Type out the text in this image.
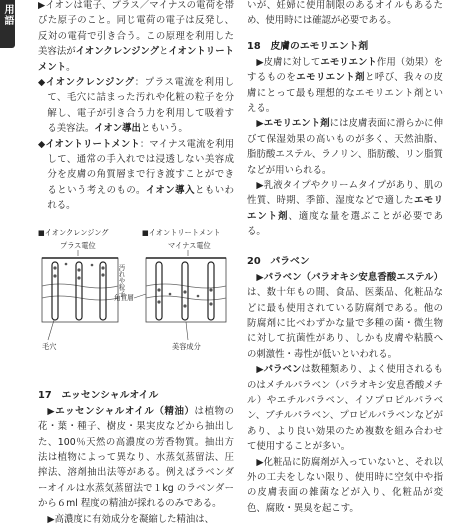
用語	▶イオンは電子、プラス／マイナスの電荷を帯びた原子のこと。同じ電荷の電子は反発し、反対の電荷で引き合う。この原理を利用した美容法がイオンクレンジングとイオントリートメント。

◆イオンクレンジング：プラス電流を利用して、毛穴に詰まった汚れや化粧の粒子を分解し、電子が引き合う力を利用して吸着する美容法。イオン導出ともいう。

◆イオントリートメント：マイナス電流を利用して、通常の手入れでは浸透しない美容成分を皮膚の角質層まで行き渡すことができるという考えのもの。イオン導入ともいわれる。

■イオンクレンジング	■イオントリートメント
プラス電位	マイナス電位
汚れや粒子
角質層
毛穴	美容成分
17　 エッセンシャルオイル

▶エッセンシャルオイル（精油）は植物の花・葉・種子、樹皮・果実皮などから抽出した、100％天然の高濃度の芳香物質。抽出方法は植物によって異なり、水蒸気蒸留法、圧搾法、溶剤抽出法等がある。例えばラベンダーオイルは水蒸気蒸留法で１kg のラベンダーから６ml 程度の精油が採れるのみである。

▶高濃度に有効成分を凝縮した精油は、

いが、妊婦に使用制限のあるオイルもあるため、使用時には確認が必要である。

18　 皮膚のエモリエント剤

▶皮膚に対してエモリエント作用（効果）をするものをエモリエント剤と呼び、我々の皮膚にとって最も理想的なエモリエント剤といえる。

▶エモリエント剤には皮膚表面に滑らかに伸びて保湿効果の高いものが多く、天然油脂、脂肪酸エステル、ラノリン、脂肪酸、リン脂質などが用いられる。

▶乳液タイプやクリームタイプがあり、肌の性質、時期、季節、湿度などで適したエモリエント剤、適度な量を選ぶことが必要である。

20　 パラベン

▶パラベン（パラオキシ安息香酸エステル）は、数十年もの間、食品、医薬品、化粧品などに最も使用されている防腐剤である。他の防腐剤に比べわずかな量で多種の菌・微生物に対して抗菌性があり、しかも皮膚や粘膜への刺激性・毒性が低いといわれる。

▶パラベンは数種類あり、よく使用されるものはメチルパラベン（パラオキシ安息香酸メチル）やエチルパラベン、イソプロピルパラベン、ブチルパラベン、プロピルパラベンなどがあり、より良い効果のため複数を組み合わせて使用することが多い。

▶化粧品に防腐剤が入っていないと、それ以外の工夫をしない限り、使用時に空気中や指の皮膚表面の雑菌などが入り、化粧品が変色、腐敗・異臭を起こす。
